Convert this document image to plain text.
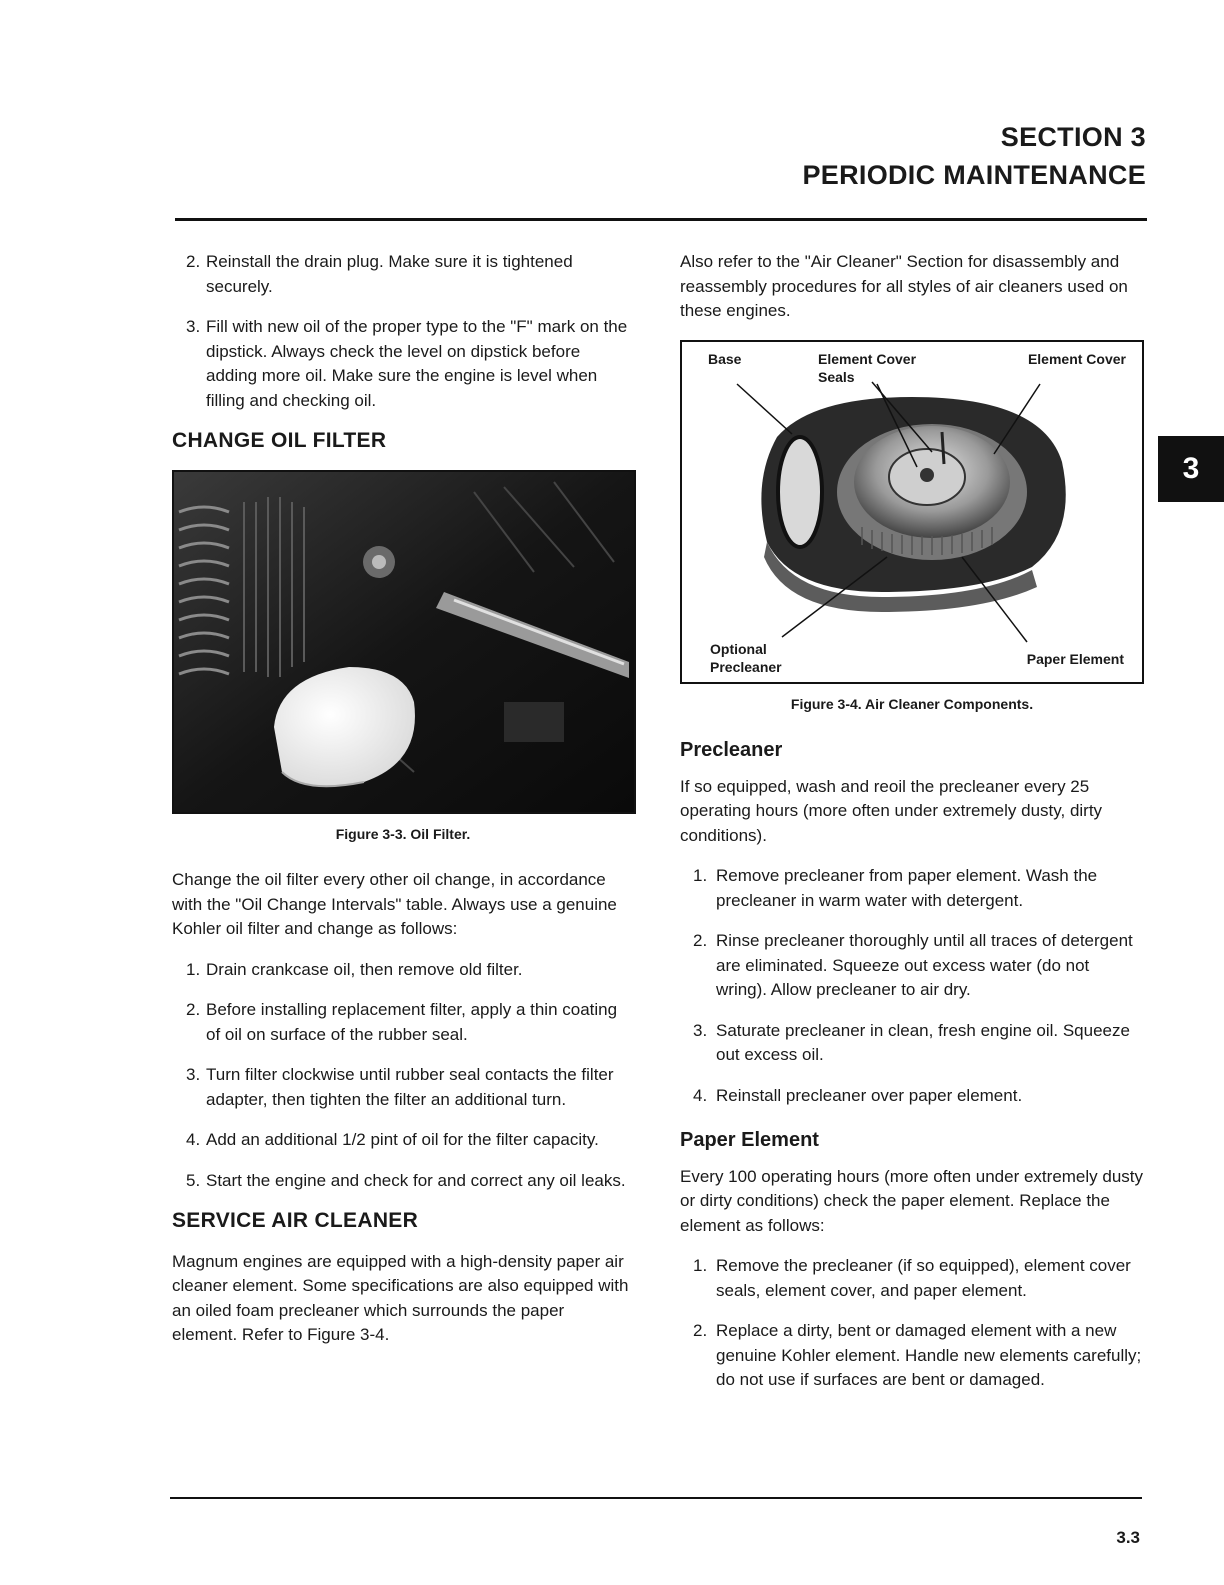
SECTION 3
PERIODIC MAINTENANCE
3
2. Reinstall the drain plug. Make sure it is tightened securely.
3. Fill with new oil of the proper type to the "F" mark on the dipstick. Always check the level on dipstick before adding more oil. Make sure the engine is level when filling and checking oil.
CHANGE OIL FILTER
Figure 3-3. Oil Filter.

Change the oil filter every other oil change, in accordance with the "Oil Change Intervals" table. Always use a genuine Kohler oil filter and change as follows:

1. Drain crankcase oil, then remove old filter.
2. Before installing replacement filter, apply a thin coating of oil on surface of the rubber seal.
3. Turn filter clockwise until rubber seal contacts the filter adapter, then tighten the filter an additional turn.
4. Add an additional 1/2 pint of oil for the filter capacity.
5. Start the engine and check for and correct any oil leaks.
SERVICE AIR CLEANER

Magnum engines are equipped with a high-density paper air cleaner element. Some specifications are also equipped with an oiled foam precleaner which surrounds the paper element. Refer to Figure 3-4.

Also refer to the "Air Cleaner" Section for disassembly and reassembly procedures for all styles of air cleaners used on these engines.

Base	Element Cover Seals
Element Cover
Optional Precleaner	Paper Element
Figure 3-4. Air Cleaner Components.
Precleaner

If so equipped, wash and reoil the precleaner every 25 operating hours (more often under extremely dusty, dirty conditions).

1. Remove precleaner from paper element. Wash the precleaner in warm water with detergent.
2. Rinse precleaner thoroughly until all traces of detergent are eliminated. Squeeze out excess water (do not wring). Allow precleaner to air dry.
3. Saturate precleaner in clean, fresh engine oil. Squeeze out excess oil.
4. Reinstall precleaner over paper element.
Paper Element

Every 100 operating hours (more often under extremely dusty or dirty conditions) check the paper element. Replace the element as follows:

1. Remove the precleaner (if so equipped), element cover seals, element cover, and paper element.
2. Replace a dirty, bent or damaged element with a new genuine Kohler element. Handle new elements carefully; do not use if surfaces are bent or damaged.
3.3
